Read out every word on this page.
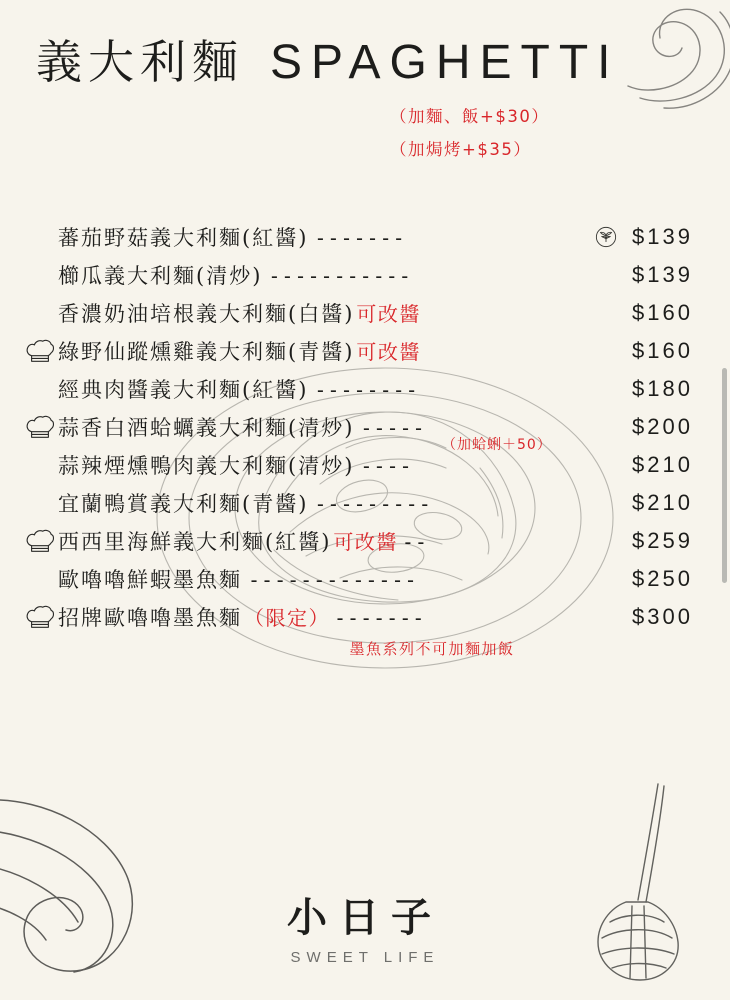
義大利麵 SPAGHETTI
（加麵、飯+$30）
（加焗烤+$35）
蕃茄野菇義大利麵(紅醬) -------	$139
櫛瓜義大利麵(清炒) -----------	$139
香濃奶油培根義大利麵(白醬) 可改醬	$160
綠野仙蹤燻雞義大利麵(青醬) 可改醬	$160
經典肉醬義大利麵(紅醬) --------	$180
蒜香白酒蛤蠣義大利麵(清炒) -----	$200
（加蛤蜊＋50）
蒜辣煙燻鴨肉義大利麵(清炒) ----	$210
宜蘭鴨賞義大利麵(青醬) ---------	$210
西西里海鮮義大利麵(紅醬) 可改醬 --	$259
歐嚕嚕鮮蝦墨魚麵 -------------	$250
招牌歐嚕嚕墨魚麵 （限定） -------	$300
墨魚系列不可加麵加飯
小日子
SWEET LIFE
